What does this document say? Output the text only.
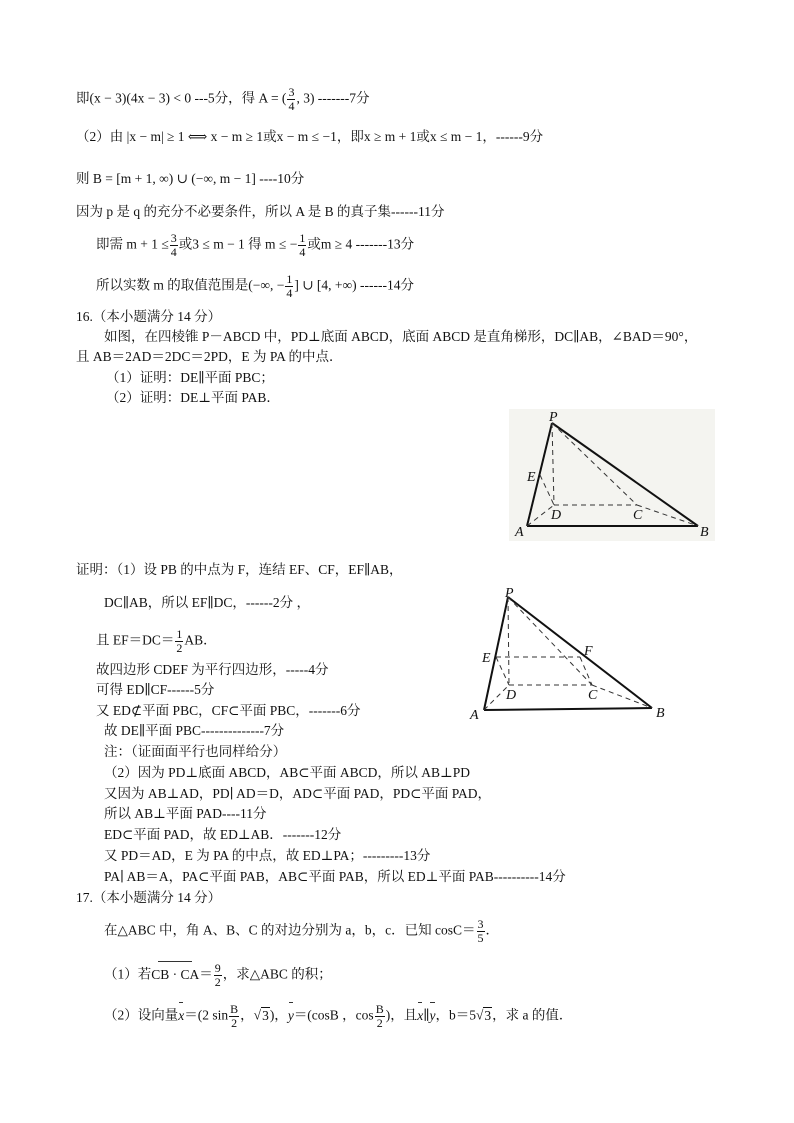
即(x − 3)(4x − 3) < 0 ---5分，得 A = ( $\frac{3}{4}$ , 3) -------7分
（2）由 |x − m| ≥ 1 ⟺ x − m ≥ 1或x − m ≤ −1，即x ≥ m + 1或x ≤ m − 1，------9分
则 B = [m + 1, ∞) ∪ (−∞, m − 1] ----10分
因为 p 是 q 的充分不必要条件，所以 A 是 B 的真子集------11分
即需 $m + 1 \le \frac{3}{4}$ 或3 ≤ m − 1 得 m ≤ − $\frac{1}{4}$ 或m ≥ 4 -------13分
所以实数 m 的取值范围是(−∞, − $\frac{1}{4}$ ] ∪ [4, +∞) ------14分
16.（本小题满分 14 分）
如图，在四棱锥 P－ABCD 中，PD⊥底面 ABCD，底面 ABCD 是直角梯形，DC∥AB，∠BAD＝90°，
且 AB＝2AD＝2DC＝2PD，E 为 PA 的中点．
（1）证明：DE∥平面 PBC；
（2）证明：DE⊥平面 PAB．
P
E
D	C
A	B
证明：（1）设 PB 的中点为 F，连结 EF、CF，EF∥AB，
DC∥AB，所以 EF∥DC，------2分 ，
且 $EF=DC= \frac{1}{2}$ AB．
故四边形 CDEF 为平行四边形，-----4分
可得 ED∥CF------5分
又 ED⊄平面 PBC，CF⊂平面 PBC，-------6分
故 DE∥平面 PBC--------------7分
注：（证面面平行也同样给分）
（2）因为 PD⊥底面 ABCD，AB⊂平面 ABCD，所以 AB⊥PD
又因为 AB⊥AD，PD∣ AD＝D，AD⊂平面 PAD，PD⊂平面 PAD，
所以 AB⊥平面 PAD----11分
ED⊂平面 PAD，故 ED⊥AB．-------12分
又 PD＝AD，E 为 PA 的中点，故 ED⊥PA；---------13分
PA∣ AB＝A，PA⊂平面 PAB，AB⊂平面 PAB，所以 ED⊥平面 PAB----------14分
P
E	F
D	C
A	B
17.（本小题满分 14 分）
在△ABC 中，角 A、B、C 的对边分别为 a，b，c．已知 $\cos C= \frac{3}{5}$ ．
（1）若CB · $CA= \frac{9}{2}$ ，求△ABC 的积；
（2）设向量x＝(2 $\sin \frac{B}{2}$ ，√3)，y＝(cosB ，$\cos \frac{B}{2}$ )，且x∥y，b＝5√3，求 a 的值．
